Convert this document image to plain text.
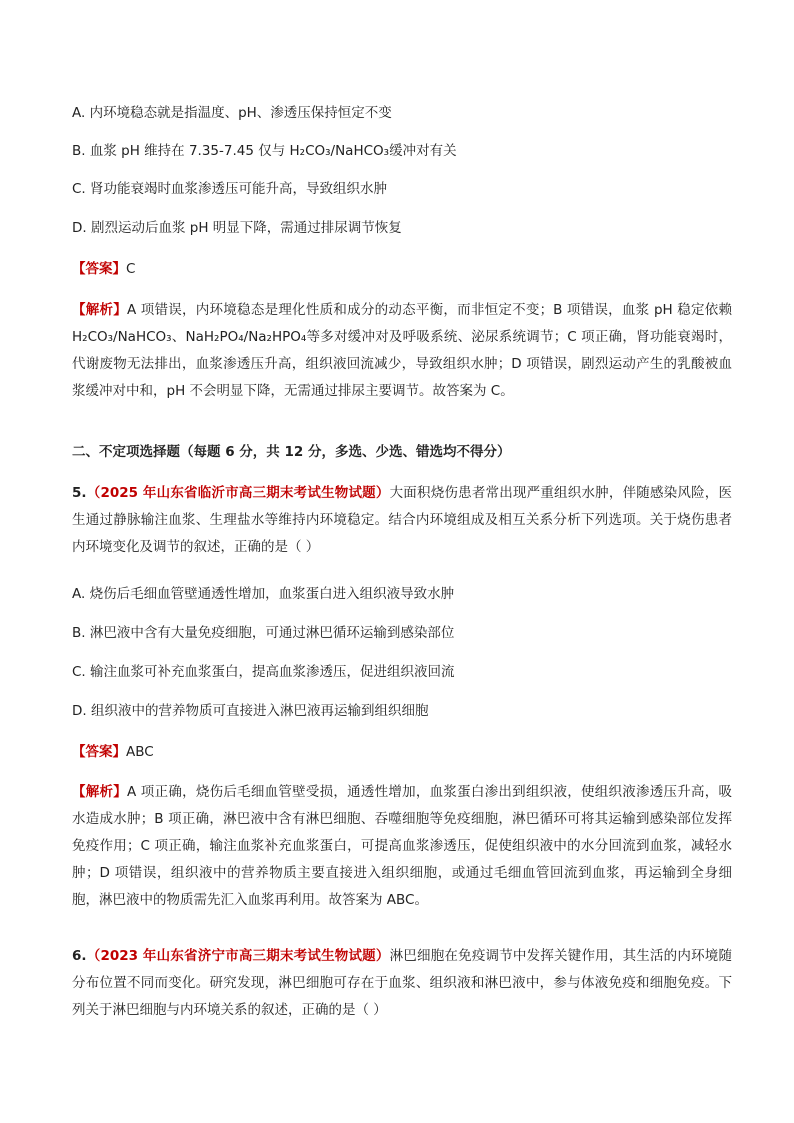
A. 内环境稳态就是指温度、pH、渗透压保持恒定不变
B. 血浆 pH 维持在 7.35-7.45 仅与 H₂CO₃/NaHCO₃缓冲对有关
C. 肾功能衰竭时血浆渗透压可能升高，导致组织水肿
D. 剧烈运动后血浆 pH 明显下降，需通过排尿调节恢复
【答案】C
【解析】A 项错误，内环境稳态是理化性质和成分的动态平衡，而非恒定不变；B 项错误，血浆 pH 稳定依赖 H₂CO₃/NaHCO₃、NaH₂PO₄/Na₂HPO₄等多对缓冲对及呼吸系统、泌尿系统调节；C 项正确，肾功能衰竭时，代谢废物无法排出，血浆渗透压升高，组织液回流减少，导致组织水肿；D 项错误，剧烈运动产生的乳酸被血浆缓冲对中和，pH 不会明显下降，无需通过排尿主要调节。故答案为 C。
二、不定项选择题（每题 6 分，共 12 分，多选、少选、错选均不得分）
5.（2025 年山东省临沂市高三期末考试生物试题）大面积烧伤患者常出现严重组织水肿，伴随感染风险，医生通过静脉输注血浆、生理盐水等维持内环境稳定。结合内环境组成及相互关系分析下列选项。关于烧伤患者内环境变化及调节的叙述，正确的是（ ）
A. 烧伤后毛细血管壁通透性增加，血浆蛋白进入组织液导致水肿
B. 淋巴液中含有大量免疫细胞，可通过淋巴循环运输到感染部位
C. 输注血浆可补充血浆蛋白，提高血浆渗透压，促进组织液回流
D. 组织液中的营养物质可直接进入淋巴液再运输到组织细胞
【答案】ABC
【解析】A 项正确，烧伤后毛细血管壁受损，通透性增加，血浆蛋白渗出到组织液，使组织液渗透压升高，吸水造成水肿；B 项正确，淋巴液中含有淋巴细胞、吞噬细胞等免疫细胞，淋巴循环可将其运输到感染部位发挥免疫作用；C 项正确，输注血浆补充血浆蛋白，可提高血浆渗透压，促使组织液中的水分回流到血浆，减轻水肿；D 项错误，组织液中的营养物质主要直接进入组织细胞，或通过毛细血管回流到血浆，再运输到全身细胞，淋巴液中的物质需先汇入血浆再利用。故答案为 ABC。
6.（2023 年山东省济宁市高三期末考试生物试题）淋巴细胞在免疫调节中发挥关键作用，其生活的内环境随分布位置不同而变化。研究发现，淋巴细胞可存在于血浆、组织液和淋巴液中，参与体液免疫和细胞免疫。下列关于淋巴细胞与内环境关系的叙述，正确的是（ ）
